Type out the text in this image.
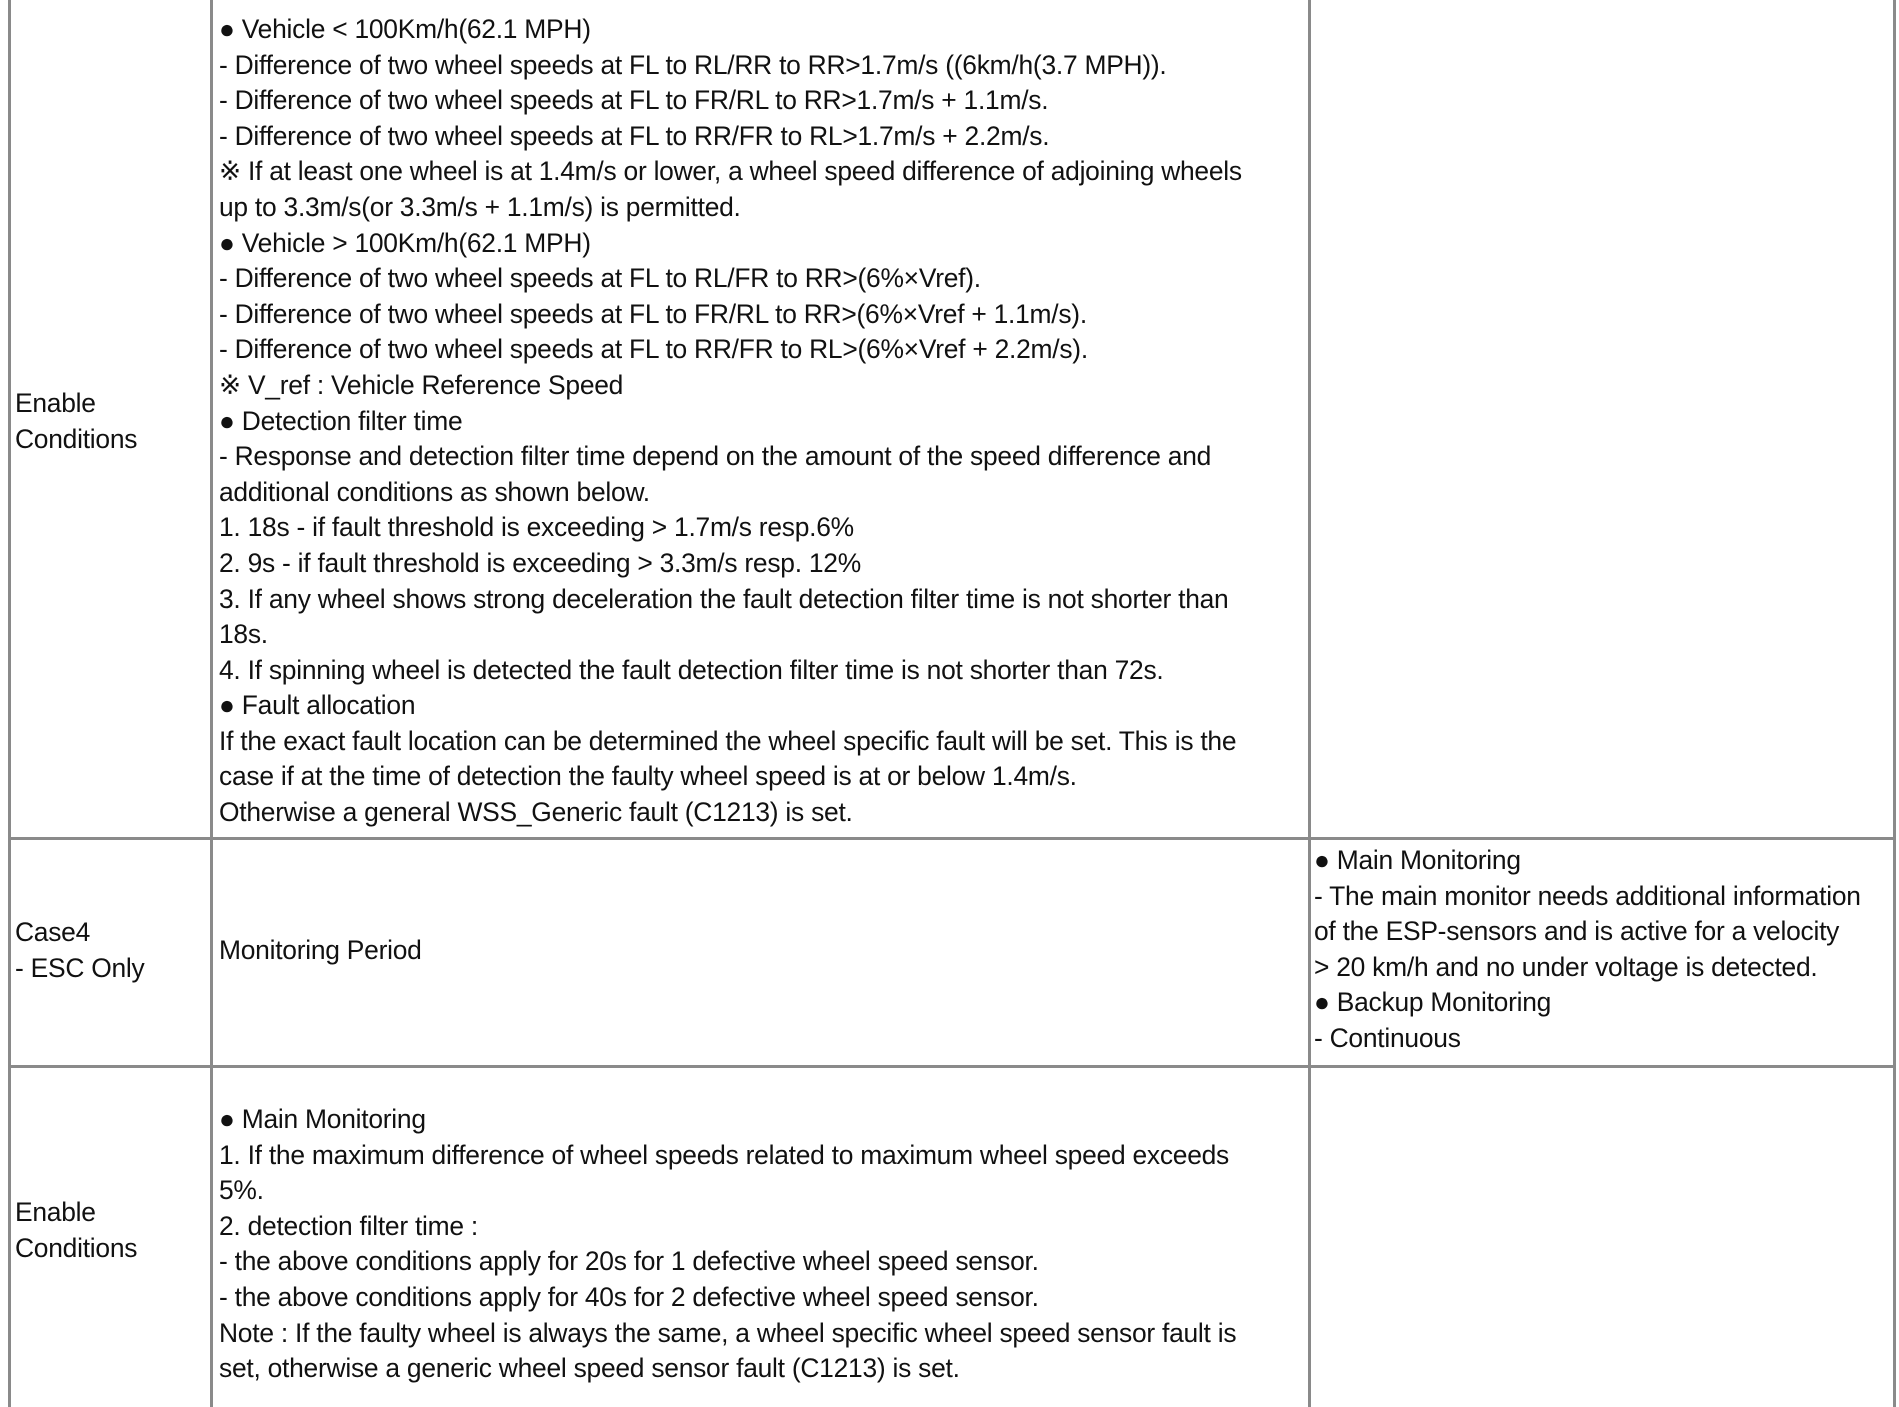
Enable
Conditions
● Vehicle < 100Km/h(62.1 MPH)
- Difference of two wheel speeds at FL to RL/RR to RR>1.7m/s ((6km/h(3.7 MPH)).
- Difference of two wheel speeds at FL to FR/RL to RR>1.7m/s + 1.1m/s.
- Difference of two wheel speeds at FL to RR/FR to RL>1.7m/s + 2.2m/s.
※ If at least one wheel is at 1.4m/s or lower, a wheel speed difference of adjoining wheels
up to 3.3m/s(or 3.3m/s + 1.1m/s) is permitted.
● Vehicle > 100Km/h(62.1 MPH)
- Difference of two wheel speeds at FL to RL/FR to RR>(6%×Vref).
- Difference of two wheel speeds at FL to FR/RL to RR>(6%×Vref + 1.1m/s).
- Difference of two wheel speeds at FL to RR/FR to RL>(6%×Vref + 2.2m/s).
※ V_ref : Vehicle Reference Speed
● Detection filter time
- Response and detection filter time depend on the amount of the speed difference and
additional conditions as shown below.
1. 18s - if fault threshold is exceeding > 1.7m/s resp.6%
2. 9s - if fault threshold is exceeding > 3.3m/s resp. 12%
3. If any wheel shows strong deceleration the fault detection filter time is not shorter than
18s.
4. If spinning wheel is detected the fault detection filter time is not shorter than 72s.
● Fault allocation
If the exact fault location can be determined the wheel specific fault will be set. This is the
case if at the time of detection the faulty wheel speed is at or below 1.4m/s.
Otherwise a general WSS_Generic fault (C1213) is set.
Case4
- ESC Only
Monitoring Period
● Main Monitoring
- The main monitor needs additional information
of the ESP-sensors and is active for a velocity
> 20 km/h and no under voltage is detected.
● Backup Monitoring
- Continuous
Enable
Conditions
● Main Monitoring
1. If the maximum difference of wheel speeds related to maximum wheel speed exceeds
5%.
2. detection filter time :
- the above conditions apply for 20s for 1 defective wheel speed sensor.
- the above conditions apply for 40s for 2 defective wheel speed sensor.
Note : If the faulty wheel is always the same, a wheel specific wheel speed sensor fault is
set, otherwise a generic wheel speed sensor fault (C1213) is set.
